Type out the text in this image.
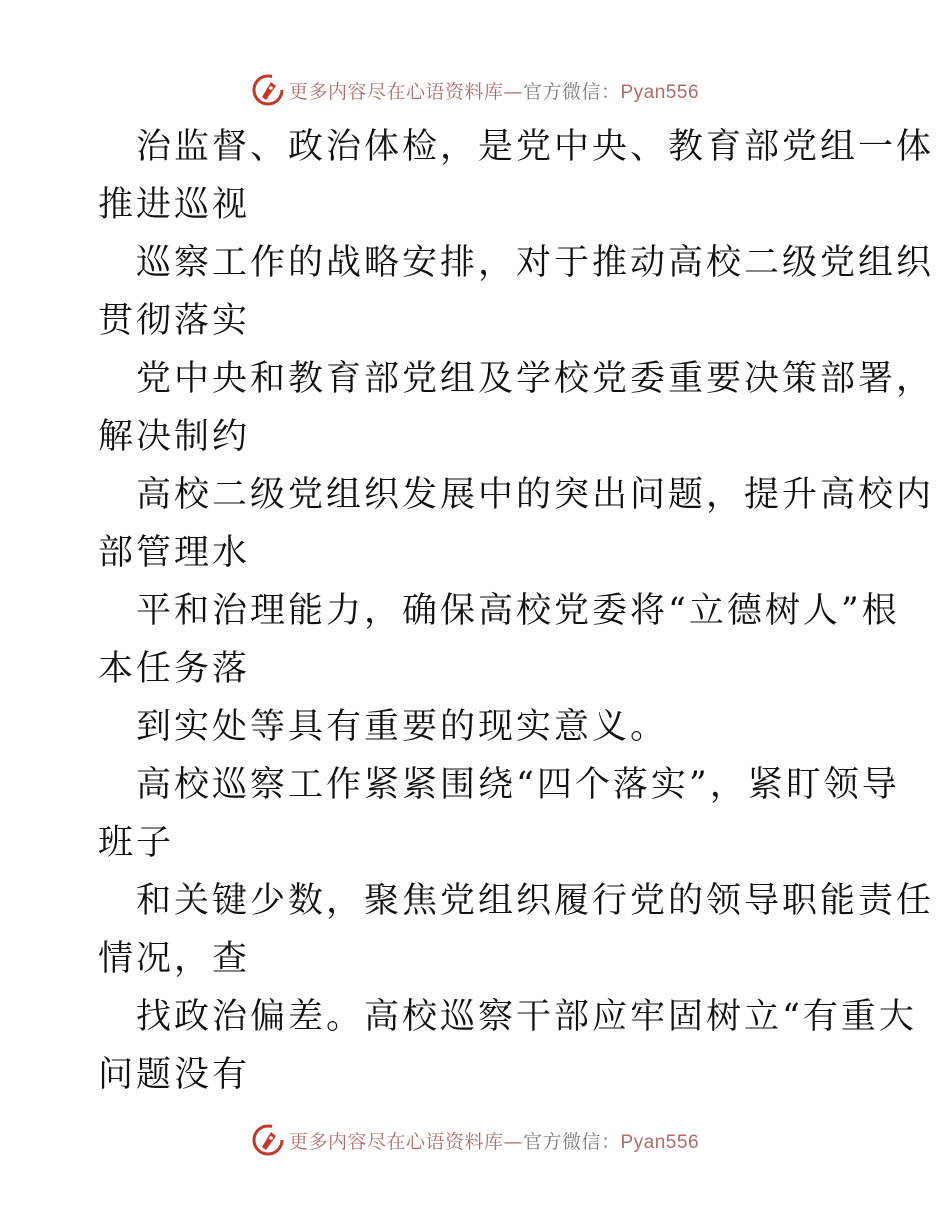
更多内容尽在心语资料库—官方微信：Pyan556
治监督、政治体检，是党中央、教育部党组一体
推进巡视
巡察工作的战略安排，对于推动高校二级党组织
贯彻落实
党中央和教育部党组及学校党委重要决策部署，
解决制约
高校二级党组织发展中的突出问题，提升高校内
部管理水
平和治理能力，确保高校党委将“立德树人”根
本任务落
到实处等具有重要的现实意义。
高校巡察工作紧紧围绕“四个落实”，紧盯领导
班子
和关键少数，聚焦党组织履行党的领导职能责任
情况，查
找政治偏差。高校巡察干部应牢固树立“有重大
问题没有
更多内容尽在心语资料库—官方微信：Pyan556
